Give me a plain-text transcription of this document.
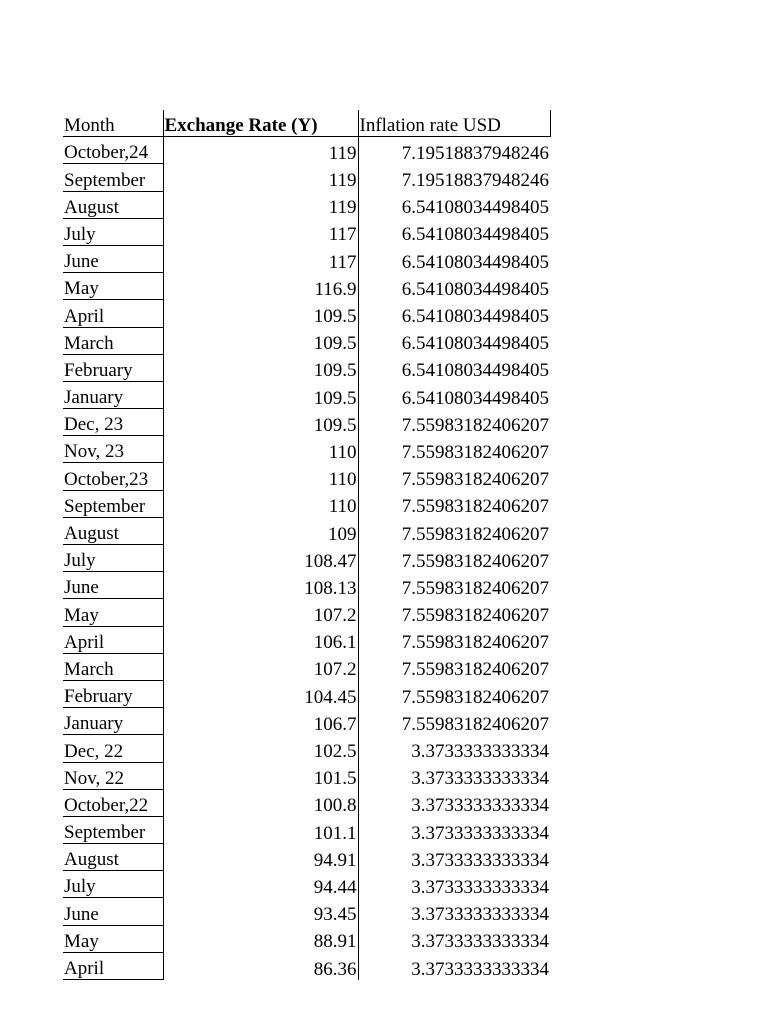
Month	Exchange Rate (Y)	Inflation rate USD
October,24	119	7.19518837948246
September	119	7.19518837948246
August	119	6.54108034498405
July	117	6.54108034498405
June	117	6.54108034498405
May	116.9	6.54108034498405
April	109.5	6.54108034498405
March	109.5	6.54108034498405
February	109.5	6.54108034498405
January	109.5	6.54108034498405
Dec, 23	109.5	7.55983182406207
Nov, 23	110	7.55983182406207
October,23	110	7.55983182406207
September	110	7.55983182406207
August	109	7.55983182406207
July	108.47	7.55983182406207
June	108.13	7.55983182406207
May	107.2	7.55983182406207
April	106.1	7.55983182406207
March	107.2	7.55983182406207
February	104.45	7.55983182406207
January	106.7	7.55983182406207
Dec, 22	102.5	3.3733333333334
Nov, 22	101.5	3.3733333333334
October,22	100.8	3.3733333333334
September	101.1	3.3733333333334
August	94.91	3.3733333333334
July	94.44	3.3733333333334
June	93.45	3.3733333333334
May	88.91	3.3733333333334
April	86.36	3.3733333333334
